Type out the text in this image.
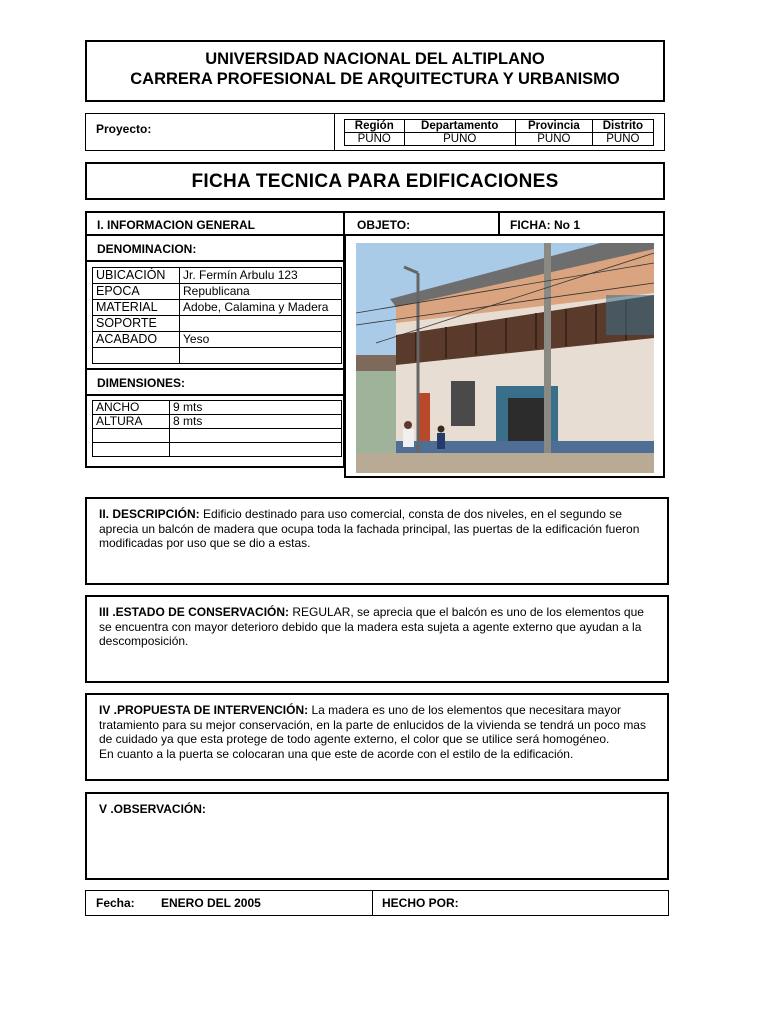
UNIVERSIDAD NACIONAL DEL ALTIPLANO
CARRERA PROFESIONAL DE ARQUITECTURA Y URBANISMO
Proyecto:	Región	Departamento	Provincia	Distrito
PUNO	PUNO	PUNO	PUNO
FICHA TECNICA PARA EDIFICACIONES
I. INFORMACION GENERAL	OBJETO:	FICHA: No 1
DENOMINACION:
UBICACIÓN	Jr. Fermín Arbulu 123
EPOCA	Republicana
MATERIAL	Adobe, Calamina y Madera
SOPORTE	
ACABADO	Yeso

DIMENSIONES:
ANCHO	9 mts
ALTURA	8 mts

II. DESCRIPCIÓN: Edificio destinado para uso comercial, consta de dos niveles, en el segundo se aprecia un balcón de madera que ocupa toda la fachada principal, las puertas de la edificación fueron modificadas por uso que se dio a estas.
III .ESTADO DE CONSERVACIÓN: REGULAR, se aprecia que el balcón es uno de los elementos que se encuentra con mayor deterioro debido que la madera esta sujeta a agente externo que ayudan a la descomposición.
IV .PROPUESTA DE INTERVENCIÓN: La madera es uno de los elementos que necesitara mayor tratamiento para su mejor conservación, en la parte de enlucidos de la vivienda se tendrá un poco mas de cuidado ya que esta protege de todo agente externo, el color que se utilice será homogéneo.
En cuanto a la puerta se colocaran una que este de acorde con el estilo de la edificación.
V .OBSERVACIÓN:
Fecha: ENERO DEL 2005	HECHO POR:
